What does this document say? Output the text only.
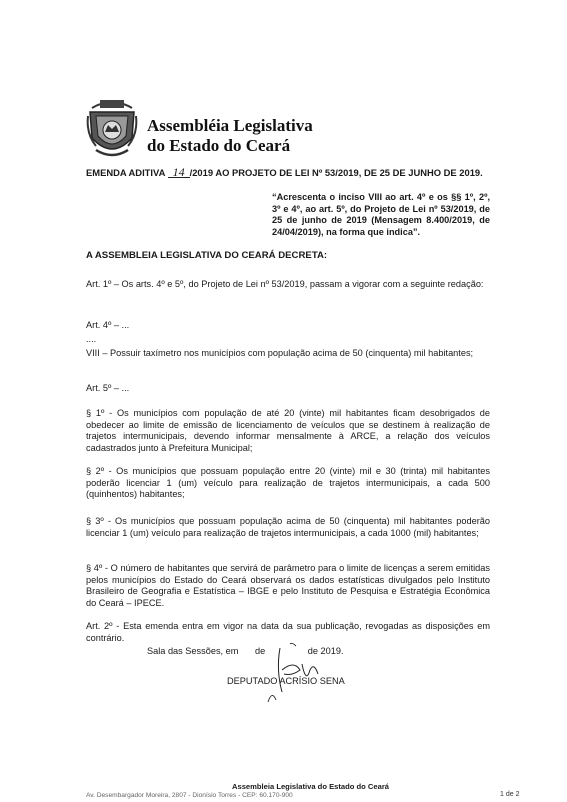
Assembléia Legislativa
do Estado do Ceará
EMENDA ADITIVA 14 /2019 AO PROJETO DE LEI Nº 53/2019, DE 25 DE JUNHO DE 2019.
“Acrescenta o inciso VIII ao art. 4º e os §§ 1º, 2º, 3º e 4º, ao art. 5º, do Projeto de Lei nº 53/2019, de 25 de junho de 2019 (Mensagem 8.400/2019, de 24/04/2019), na forma que indica”.
A ASSEMBLEIA LEGISLATIVA DO CEARÁ DECRETA:
Art. 1º – Os arts. 4º e 5º, do Projeto de Lei nº 53/2019, passam a vigorar com a seguinte redação:
Art. 4º – ...
....
VIII – Possuir taxímetro nos municípios com população acima de 50 (cinquenta) mil habitantes;
Art. 5º – ...
§ 1º - Os municípios com população de até 20 (vinte) mil habitantes ficam desobrigados de obedecer ao limite de emissão de licenciamento de veículos que se destinem à realização de trajetos intermunicipais, devendo informar mensalmente à ARCE, a relação dos veículos cadastrados junto à Prefeitura Municipal;
§ 2º - Os municípios que possuam população entre 20 (vinte) mil e 30 (trinta) mil habitantes poderão licenciar 1 (um) veículo para realização de trajetos intermunicipais, a cada 500 (quinhentos) habitantes;
§ 3º - Os municípios que possuam população acima de 50 (cinquenta) mil habitantes poderão licenciar 1 (um) veículo para realização de trajetos intermunicipais, a cada 1000 (mil) habitantes;
§ 4º - O número de habitantes que servirá de parâmetro para o limite de licenças a serem emitidas pelos municípios do Estado do Ceará observará os dados estatísticas divulgados pelo Instituto Brasileiro de Geografia e Estatística – IBGE e pelo Instituto de Pesquisa e Estratégia Econômica do Ceará – IPECE.
Art. 2º - Esta emenda entra em vigor na data da sua publicação, revogadas as disposições em contrário.
Sala das Sessões, em de	de 2019.
DEPUTADO ACRÍSIO SENA
Assembleia Legislativa do Estado do Ceará
Av. Desembargador Moreira, 2807 - Dionísio Torres - CEP: 60.170-900	1 de 2
